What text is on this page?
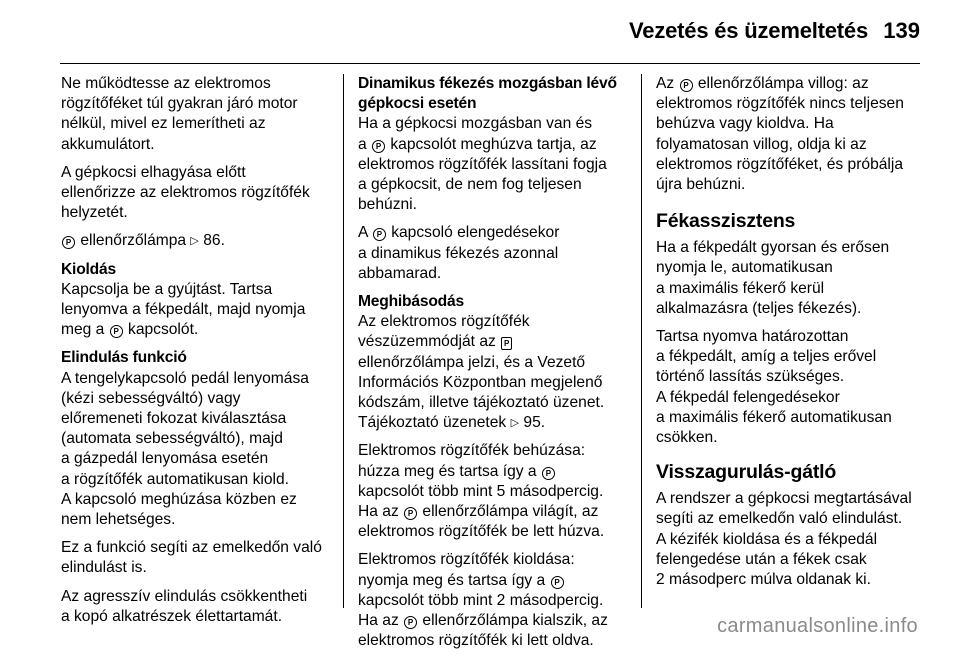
Vezetés és üzemeltetés 139

Ne működtesse az elektromos
rögzítőféket túl gyakran járó motor
nélkül, mivel ez lemerítheti az
akkumulátort.

A gépkocsi elhagyása előtt
ellenőrizze az elektromos rögzítőfék
helyzetét.

P ellenőrzőlámpa ▷ 86.

Kioldás

Kapcsolja be a gyújtást. Tartsa
lenyomva a fékpedált, majd nyomja
meg a P kapcsolót.

Elindulás funkció

A tengelykapcsoló pedál lenyomása
(kézi sebességváltó) vagy
előremeneti fokozat kiválasztása
(automata sebességváltó), majd
a gázpedál lenyomása esetén
a rögzítőfék automatikusan kiold.
A kapcsoló meghúzása közben ez
nem lehetséges.

Ez a funkció segíti az emelkedőn való
elindulást is.

Az agresszív elindulás csökkentheti
a kopó alkatrészek élettartamát.

Dinamikus fékezés mozgásban lévő
gépkocsi esetén

Ha a gépkocsi mozgásban van és
a P kapcsolót meghúzva tartja, az
elektromos rögzítőfék lassítani fogja
a gépkocsit, de nem fog teljesen
behúzni.

A P kapcsoló elengedésekor
a dinamikus fékezés azonnal
abbamarad.

Meghibásodás

Az elektromos rögzítőfék
vészüzemmódját az P
ellenőrzőlámpa jelzi, és a Vezető
Információs Központban megjelenő
kódszám, illetve tájékoztató üzenet.
Tájékoztató üzenetek ▷ 95.

Elektromos rögzítőfék behúzása:
húzza meg és tartsa így a P
kapcsolót több mint 5 másodpercig.
Ha az P ellenőrzőlámpa világít, az
elektromos rögzítőfék be lett húzva.

Elektromos rögzítőfék kioldása:
nyomja meg és tartsa így a P
kapcsolót több mint 2 másodpercig.
Ha az P ellenőrzőlámpa kialszik, az
elektromos rögzítőfék ki lett oldva.

Az P ellenőrzőlámpa villog: az
elektromos rögzítőfék nincs teljesen
behúzva vagy kioldva. Ha
folyamatosan villog, oldja ki az
elektromos rögzítőféket, és próbálja
újra behúzni.

Fékasszisztens

Ha a fékpedált gyorsan és erősen
nyomja le, automatikusan
a maximális fékerő kerül
alkalmazásra (teljes fékezés).

Tartsa nyomva határozottan
a fékpedált, amíg a teljes erővel
történő lassítás szükséges.
A fékpedál felengedésekor
a maximális fékerő automatikusan
csökken.

Visszagurulás-gátló

A rendszer a gépkocsi megtartásával
segíti az emelkedőn való elindulást.
A kézifék kioldása és a fékpedál
felengedése után a fékek csak
2 másodperc múlva oldanak ki.

carmanualsonline.info
